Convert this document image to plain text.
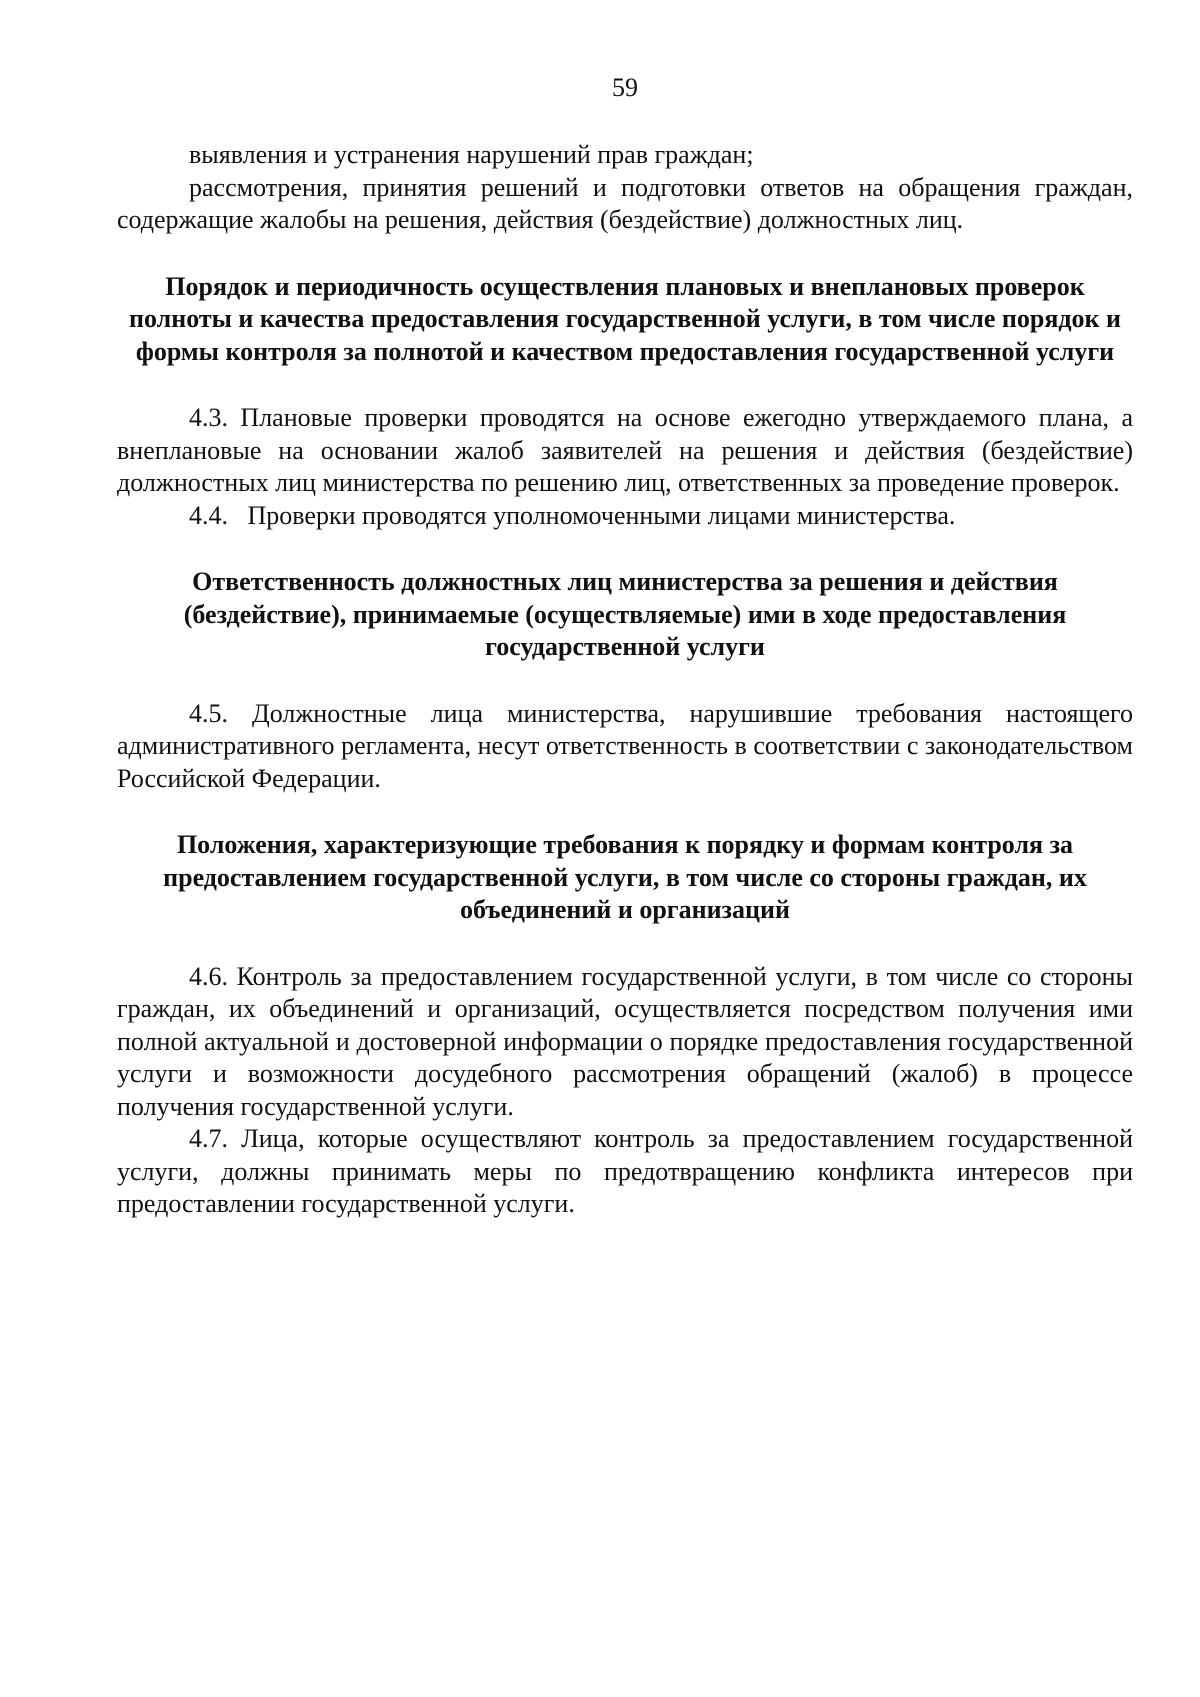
59

выявления и устранения нарушений прав граждан;

рассмотрения, принятия решений и подготовки ответов на обращения граждан, содержащие жалобы на решения, действия (бездействие) должностных лиц.

Порядок и периодичность осуществления плановых и внеплановых проверок полноты и качества предоставления государственной услуги, в том числе порядок и формы контроля за полнотой и качеством предоставления государственной услуги

4.3. Плановые проверки проводятся на основе ежегодно утверждаемого плана, а внеплановые на основании жалоб заявителей на решения и действия (бездействие) должностных лиц министерства по решению лиц, ответственных за проведение проверок.

4.4.   Проверки проводятся уполномоченными лицами министерства.

Ответственность должностных лиц министерства за решения и действия (бездействие), принимаемые (осуществляемые) ими в ходе предоставления государственной услуги

4.5. Должностные лица министерства, нарушившие требования настоящего административного регламента, несут ответственность в соответствии с законодательством Российской Федерации.

Положения, характеризующие требования к порядку и формам контроля за предоставлением государственной услуги, в том числе со стороны граждан, их объединений и организаций

4.6. Контроль за предоставлением государственной услуги, в том числе со стороны граждан, их объединений и организаций, осуществляется посредством получения ими полной актуальной и достоверной информации о порядке предоставления государственной услуги и возможности досудебного рассмотрения обращений (жалоб) в процессе получения государственной услуги.

4.7. Лица, которые осуществляют контроль за предоставлением государственной услуги, должны принимать меры по предотвращению конфликта интересов при предоставлении государственной услуги.
